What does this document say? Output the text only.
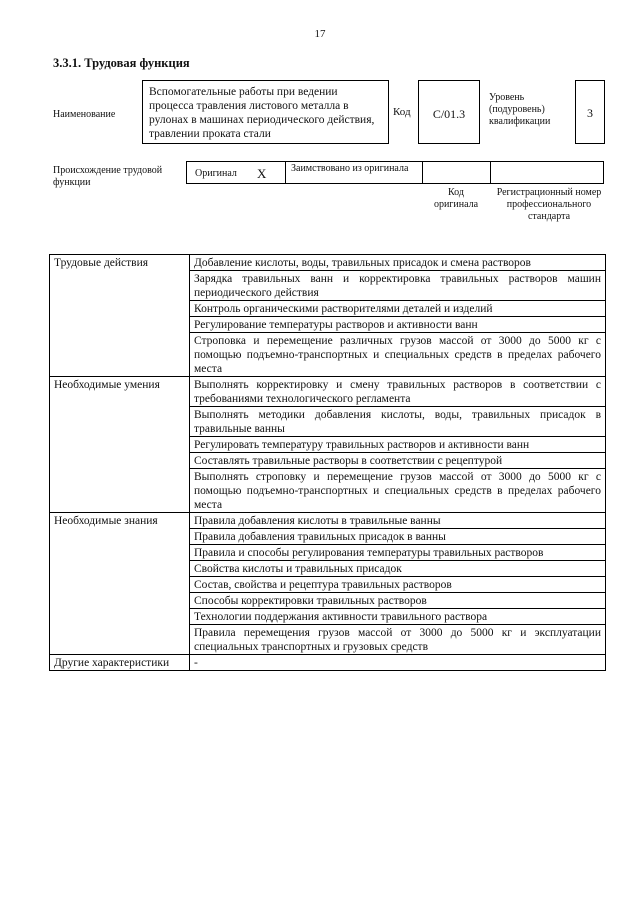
17
3.3.1. Трудовая функция
Наименование
Вспомогательные работы при ведении процесса травления листового металла в рулонах в машинах периодического действия, травлении проката стали
Код	C/01.3
Уровень (подуровень) квалификации
3
Происхождение трудовой функции
Оригинал X Заимствовано из оригинала
Код оригинала
Регистрационный номер профессионального стандарта
Трудовые действия	Добавление кислоты, воды, травильных присадок и смена растворов
	Зарядка травильных ванн и корректировка травильных растворов машин периодического действия
	Контроль органическими растворителями деталей и изделий
	Регулирование температуры растворов и активности ванн
	Строповка и перемещение различных грузов массой от 3000 до 5000 кг с помощью подъемно-транспортных и специальных средств в пределах рабочего места
Необходимые умения	Выполнять корректировку и смену травильных растворов в соответствии с требованиями технологического регламента
	Выполнять методики добавления кислоты, воды, травильных присадок в травильные ванны
	Регулировать температуру травильных растворов и активности ванн
	Составлять травильные растворы в соответствии с рецептурой
	Выполнять строповку и перемещение грузов массой от 3000 до 5000 кг с помощью подъемно-транспортных и специальных средств в пределах рабочего места
Необходимые знания	Правила добавления кислоты в травильные ванны
	Правила добавления травильных присадок в ванны
	Правила и способы регулирования температуры травильных растворов
	Свойства кислоты и травильных присадок
	Состав, свойства и рецептура травильных растворов
	Способы корректировки травильных растворов
	Технологии поддержания активности травильного раствора
	Правила перемещения грузов массой от 3000 до 5000 кг и эксплуатации специальных транспортных и грузовых средств
Другие характеристики	-
